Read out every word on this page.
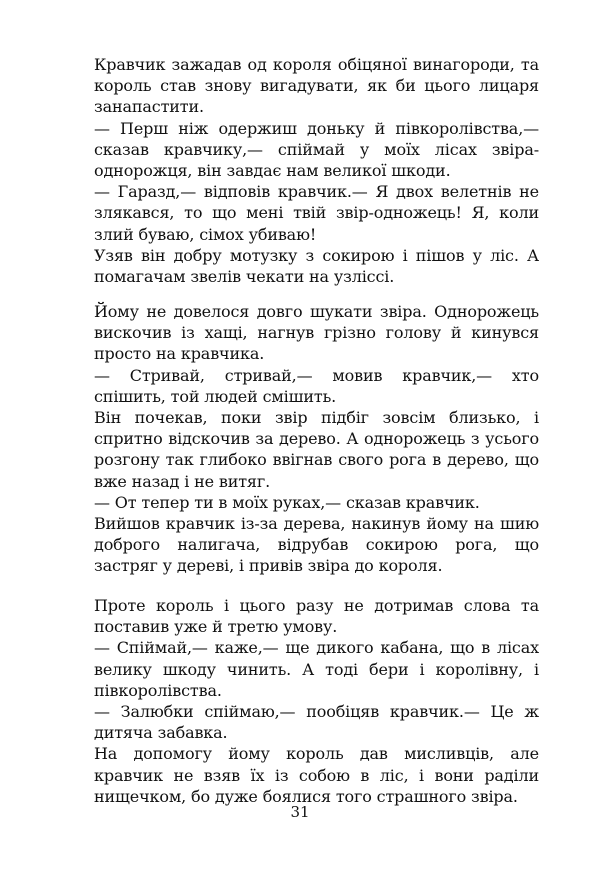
Кравчик зажадав од короля обіцяної винагороди, та король став знову вигадувати, як би цього лицаря занапастити.

— Перш ніж одержиш доньку й півкоролівства,— сказав кравчику,— спіймай у моїх лісах звіра-однорожця, він завдає нам великої шкоди.

— Гаразд,— відповів кравчик.— Я двох велетнів не злякався, то що мені твій звір-одножець! Я, коли злий буваю, сімох убиваю!

Узяв він добру мотузку з сокирою і пішов у ліс. А помагачам звелів чекати на узліссі.

Йому не довелося довго шукати звіра. Однорожець вискочив із хащі, нагнув грізно голову й кинувся просто на кравчика.

— Стривай, стривай,— мовив кравчик,— хто спішить, той людей смішить.

Він почекав, поки звір підбіг зовсім близько, і спритно відскочив за дерево. А однорожець з усього розгону так глибоко ввігнав свого рога в дерево, що вже назад і не витяг.

— От тепер ти в моїх руках,— сказав кравчик.

Вийшов кравчик із-за дерева, накинув йому на шию доброго налигача, відрубав сокирою рога, що застряг у дереві, і привів звіра до короля.

Проте король і цього разу не дотримав слова та поставив уже й третю умову.

— Спіймай,— каже,— ще дикого кабана, що в лісах велику шкоду чинить. А тоді бери і королівну, і півкоролівства.

— Залюбки спіймаю,— пообіцяв кравчик.— Це ж дитяча забавка.

На допомогу йому король дав мисливців, але кравчик не взяв їх із собою в ліс, і вони раділи нищечком, бо дуже боялися того страшного звіра.

31
